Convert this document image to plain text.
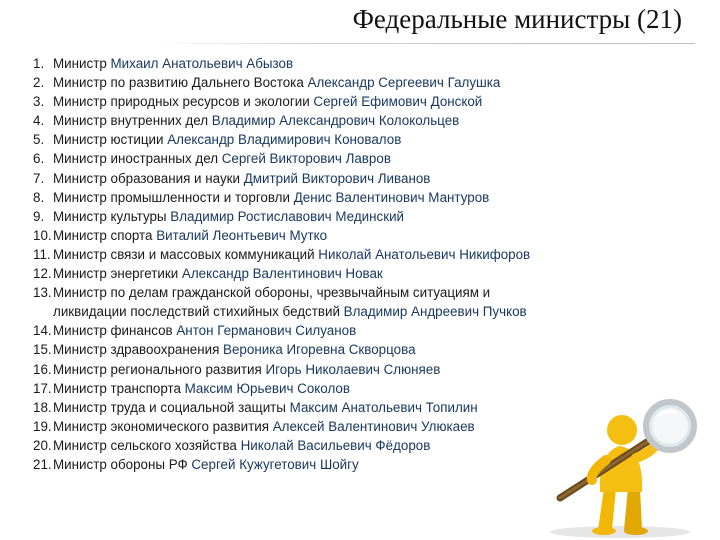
Федеральные министры (21)
1. Министр Михаил Анатольевич Абызов
2. Министр по развитию Дальнего Востока Александр Сергеевич Галушка
3. Министр природных ресурсов и экологии Сергей Ефимович Донской
4. Министр внутренних дел Владимир Александрович Колокольцев
5. Министр юстиции Александр Владимирович Коновалов
6. Министр иностранных дел Сергей Викторович Лавров
7. Министр образования и науки Дмитрий Викторович Ливанов
8. Министр промышленности и торговли Денис Валентинович Мантуров
9. Министр культуры Владимир Ростиславович Мединский
10. Министр спорта Виталий Леонтьевич Мутко
11. Министр связи и массовых коммуникаций Николай Анатольевич Никифоров
12. Министр энергетики Александр Валентинович Новак
13. Министр по делам гражданской обороны, чрезвычайным ситуациям и
ликвидации последствий стихийных бедствий Владимир Андреевич Пучков
14. Министр финансов Антон Германович Силуанов
15. Министр здравоохранения Вероника Игоревна Скворцова
16. Министр регионального развития Игорь Николаевич Слюняев
17. Министр транспорта Максим Юрьевич Соколов
18. Министр труда и социальной защиты Максим Анатольевич Топилин
19. Министр экономического развития Алексей Валентинович Улюкаев
20. Министр сельского хозяйства Николай Васильевич Фёдоров
21. Министр обороны РФ Сергей Кужугетович Шойгу
